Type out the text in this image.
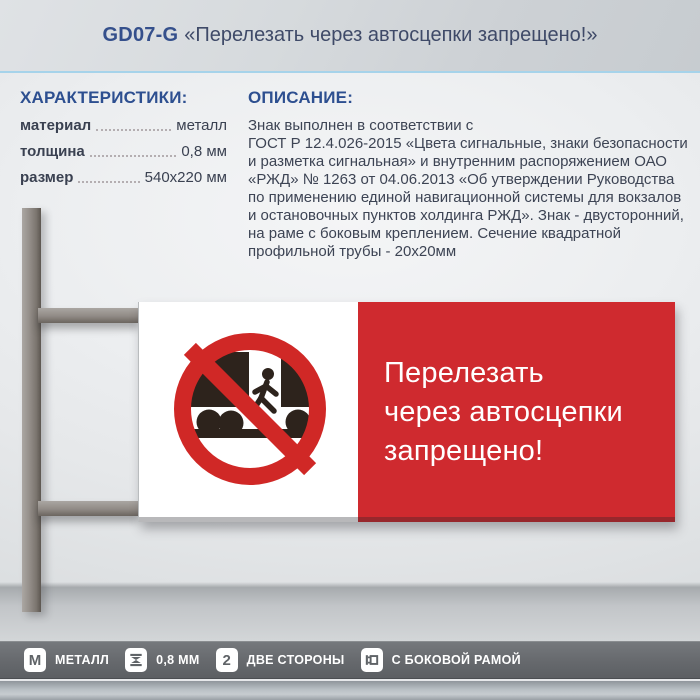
GD07-G «Перелезать через автосцепки запрещено!»
ХАРАКТЕРИСТИКИ:
материал	металл
толщина	0,8 мм
размер	540x220 мм
ОПИСАНИЕ:
Знак выполнен в соответствии с
ГОСТ Р 12.4.026-2015 «Цвета сигнальные, знаки безопасности
и разметка сигнальная» и внутренним распоряжением ОАО
«РЖД» № 1263 от 04.06.2013 «Об утверждении Руководства
по применению единой навигационной системы для вокзалов
и остановочных пунктов холдинга РЖД». Знак - двусторонний,
на раме с боковым креплением. Сечение квадратной
профильной трубы - 20x20мм
Перелезать
через автосцепки
запрещено!
М	МЕТАЛЛ	0,8 ММ	2	ДВЕ СТОРОНЫ	С БОКОВОЙ РАМОЙ
